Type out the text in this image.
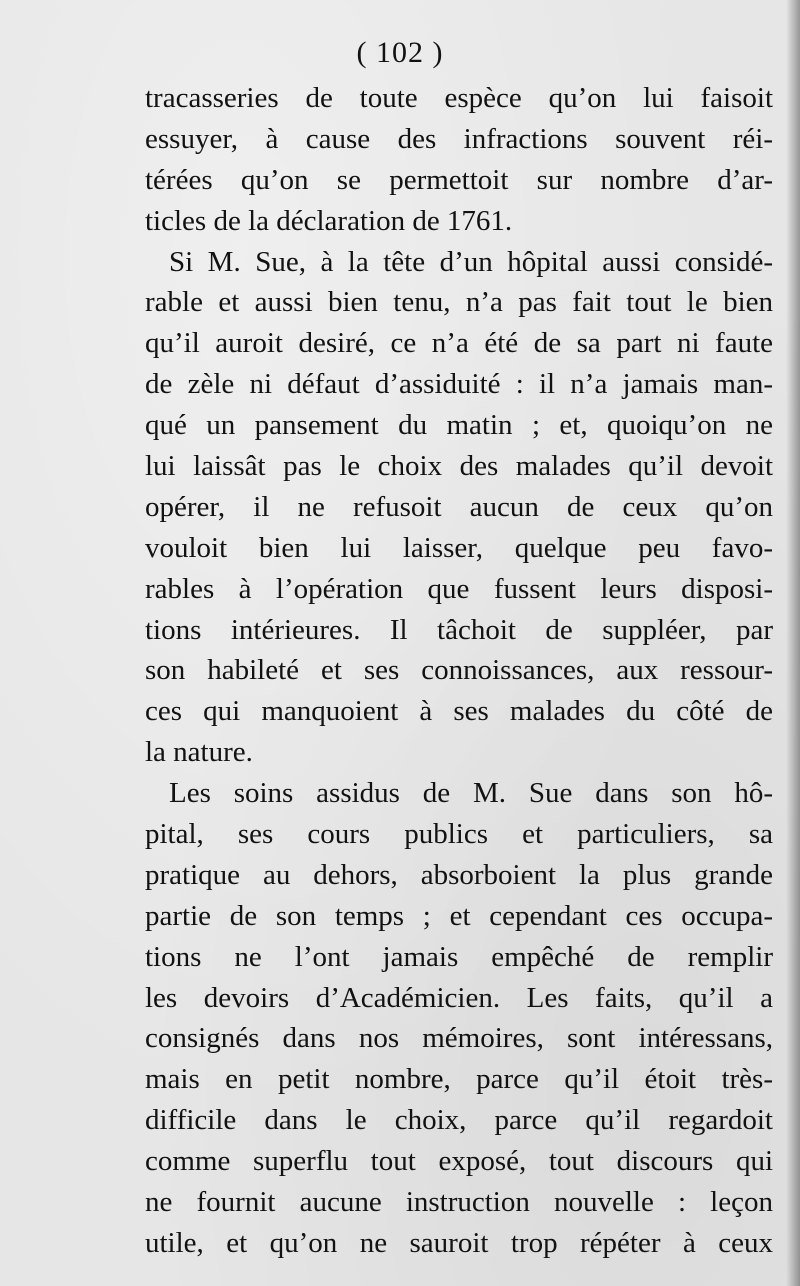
( 102 )
tracasseries de toute espèce qu’on lui faisoit
essuyer, à cause des infractions souvent réi-
térées qu’on se permettoit sur nombre d’ar-
ticles de la déclaration de 1761.
Si M. Sue, à la tête d’un hôpital aussi considé-
rable et aussi bien tenu, n’a pas fait tout le bien
qu’il auroit desiré, ce n’a été de sa part ni faute
de zèle ni défaut d’assiduité : il n’a jamais man-
qué un pansement du matin ; et, quoiqu’on ne
lui laissât pas le choix des malades qu’il devoit
opérer, il ne refusoit aucun de ceux qu’on
vouloit bien lui laisser, quelque peu favo-
rables à l’opération que fussent leurs disposi-
tions intérieures. Il tâchoit de suppléer, par
son habileté et ses connoissances, aux ressour-
ces qui manquoient à ses malades du côté de
la nature.
Les soins assidus de M. Sue dans son hô-
pital, ses cours publics et particuliers, sa
pratique au dehors, absorboient la plus grande
partie de son temps ; et cependant ces occupa-
tions ne l’ont jamais empêché de remplir
les devoirs d’Académicien. Les faits, qu’il a
consignés dans nos mémoires, sont intéressans,
mais en petit nombre, parce qu’il étoit très-
difficile dans le choix, parce qu’il regardoit
comme superflu tout exposé, tout discours qui
ne fournit aucune instruction nouvelle : leçon
utile, et qu’on ne sauroit trop répéter à ceux
